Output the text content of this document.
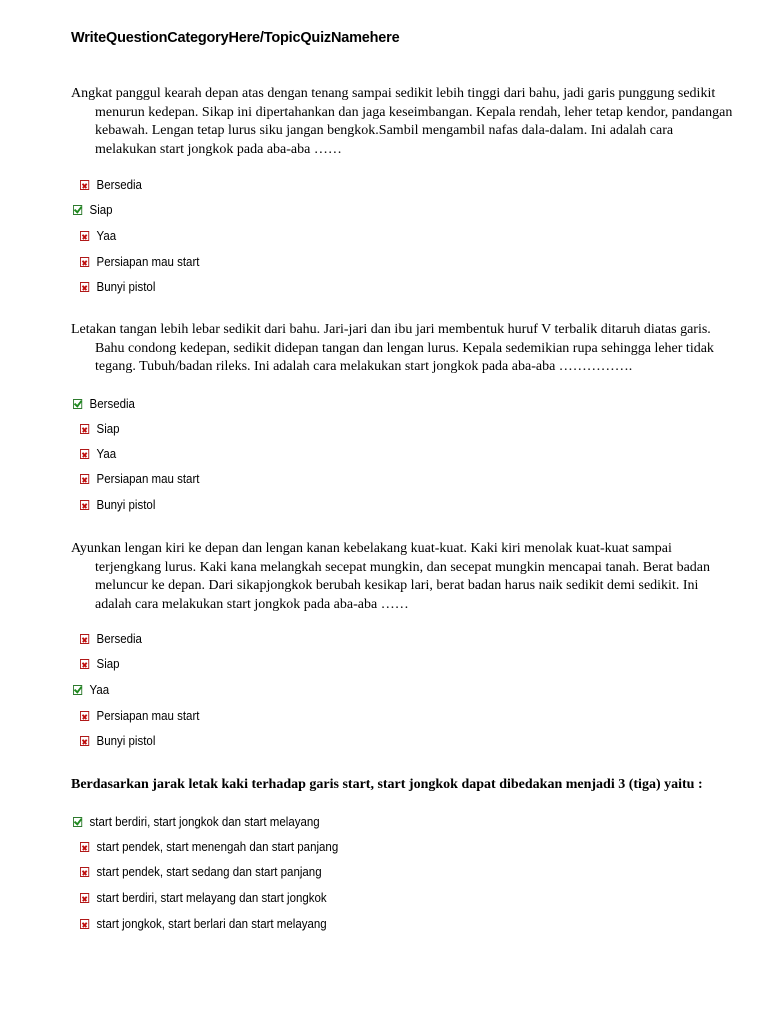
WriteQuestionCategoryHere/TopicQuizNamehere

Angkat panggul kearah depan atas dengan tenang sampai sedikit lebih tinggi dari bahu, jadi garis punggung sedikit menurun kedepan. Sikap ini dipertahankan dan jaga keseimbangan. Kepala rendah, leher tetap kendor, pandangan kebawah. Lengan tetap lurus siku jangan bengkok.Sambil mengambil nafas dala-dalam. Ini adalah cara melakukan start jongkok pada aba-aba ……

Bersedia
Siap
Yaa
Persiapan mau start
Bunyi pistol

Letakan tangan lebih lebar sedikit dari bahu. Jari-jari dan ibu jari membentuk huruf V terbalik ditaruh diatas garis. Bahu condong kedepan, sedikit didepan tangan dan lengan lurus. Kepala sedemikian rupa sehingga leher tidak tegang. Tubuh/badan rileks. Ini adalah cara melakukan start jongkok pada aba-aba …………….

Bersedia
Siap
Yaa
Persiapan mau start
Bunyi pistol

Ayunkan lengan kiri ke depan dan lengan kanan kebelakang kuat-kuat. Kaki kiri menolak kuat-kuat sampai terjengkang lurus. Kaki kana melangkah secepat mungkin, dan secepat mungkin mencapai tanah. Berat badan meluncur ke depan. Dari sikapjongkok berubah kesikap lari, berat badan harus naik sedikit demi sedikit. Ini adalah cara melakukan start jongkok pada aba-aba ……

Bersedia
Siap
Yaa
Persiapan mau start
Bunyi pistol

Berdasarkan jarak letak kaki terhadap garis start, start jongkok dapat dibedakan menjadi 3 (tiga) yaitu :

start berdiri, start jongkok dan start melayang
start pendek, start menengah dan start panjang
start pendek, start sedang dan start panjang
start berdiri, start melayang dan start jongkok
start jongkok, start berlari dan start melayang
